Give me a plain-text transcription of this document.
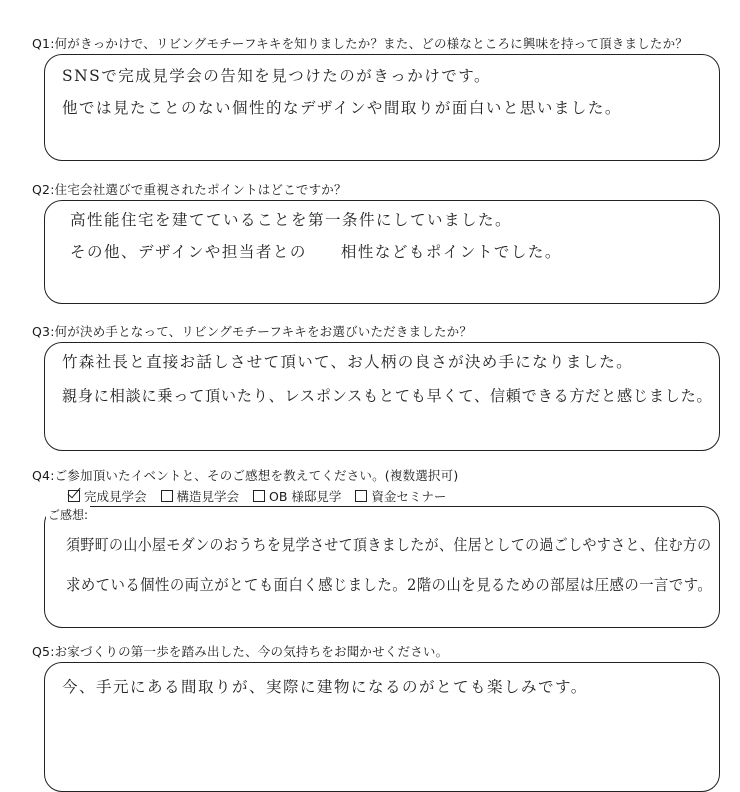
Q1:何がきっかけで、リビングモチーフキキを知りましたか？また、どの様なところに興味を持って頂きましたか？
SNSで完成見学会の告知を見つけたのがきっかけです。
他では見たことのない個性的なデザインや間取りが面白いと思いました。
Q2:住宅会社選びで重視されたポイントはどこですか？
高性能住宅を建てていることを第一条件にしていました。
その他、デザインや担当者との　　相性などもポイントでした。
Q3:何が決め手となって、リビングモチーフキキをお選びいただきましたか？
竹森社長と直接お話しさせて頂いて、お人柄の良さが決め手になりました。
親身に相談に乗って頂いたり、レスポンスもとても早くて、信頼できる方だと感じました。
Q4:ご参加頂いたイベントと、そのご感想を教えてください。(複数選択可)
完成見学会 構造見学会 OB 様邸見学 資金セミナー
ご感想:
須野町の山小屋モダンのおうちを見学させて頂きましたが、住居としての過ごしやすさと、住む方の
求めている個性の両立がとても面白く感じました。2階の山を見るための部屋は圧感の一言です。
Q5:お家づくりの第一歩を踏み出した、今の気持ちをお聞かせください。
今、手元にある間取りが、実際に建物になるのがとても楽しみです。
